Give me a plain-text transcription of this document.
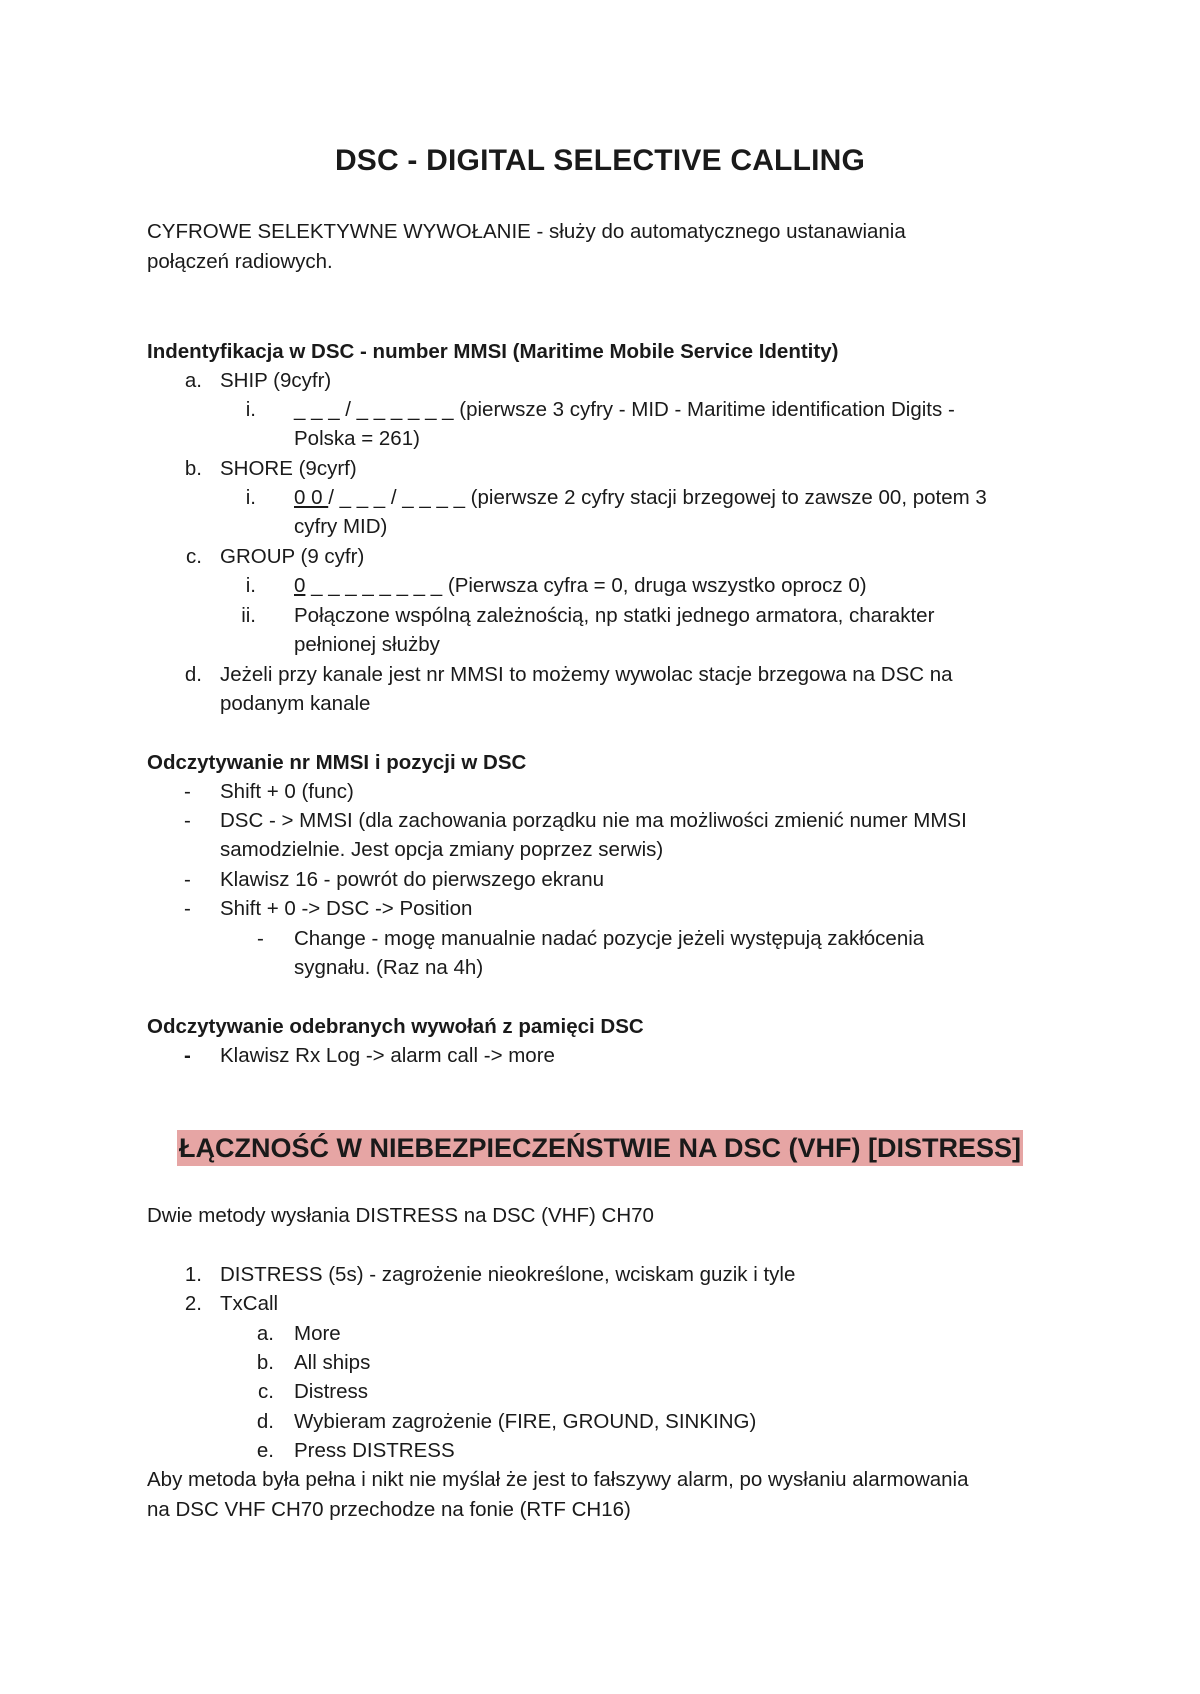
DSC - DIGITAL SELECTIVE CALLING
CYFROWE SELEKTYWNE WYWOŁANIE - służy do automatycznego ustanawiania
połączeń radiowych.
Indentyfikacja w DSC - number MMSI (Maritime Mobile Service Identity)
a. SHIP (9cyfr)
i. _ _ _ / _ _ _ _ _ _ (pierwsze 3 cyfry - MID - Maritime identification Digits -
Polska = 261)
b. SHORE (9cyrf)
i. 0 0 / _ _ _ / _ _ _ _ (pierwsze 2 cyfry stacji brzegowej to zawsze 00, potem 3
cyfry MID)
c. GROUP (9 cyfr)
i. 0 _ _ _ _ _ _ _ _ (Pierwsza cyfra = 0, druga wszystko oprocz 0)
ii. Połączone wspólną zależnością, np statki jednego armatora, charakter
pełnionej służby
d. Jeżeli przy kanale jest nr MMSI to możemy wywolac stacje brzegowa na DSC na
podanym kanale
Odczytywanie nr MMSI i pozycji w DSC
-	Shift + 0 (func)
-	DSC - > MMSI (dla zachowania porządku nie ma możliwości zmienić numer MMSI
samodzielnie. Jest opcja zmiany poprzez serwis)
-	Klawisz 16 - powrót do pierwszego ekranu
-	Shift + 0 -> DSC -> Position
-	Change - mogę manualnie nadać pozycje jeżeli występują zakłócenia
sygnału. (Raz na 4h)
Odczytywanie odebranych wywołań z pamięci DSC
-	Klawisz Rx Log -> alarm call -> more
ŁĄCZNOŚĆ W NIEBEZPIECZEŃSTWIE NA DSC (VHF) [DISTRESS]
Dwie metody wysłania DISTRESS na DSC (VHF) CH70
1. DISTRESS (5s) - zagrożenie nieokreślone, wciskam guzik i tyle
2. TxCall
a. More
b. All ships
c. Distress
d. Wybieram zagrożenie (FIRE, GROUND, SINKING)
e. Press DISTRESS
Aby metoda była pełna i nikt nie myślał że jest to fałszywy alarm, po wysłaniu alarmowania
na DSC VHF CH70 przechodze na fonie (RTF CH16)
